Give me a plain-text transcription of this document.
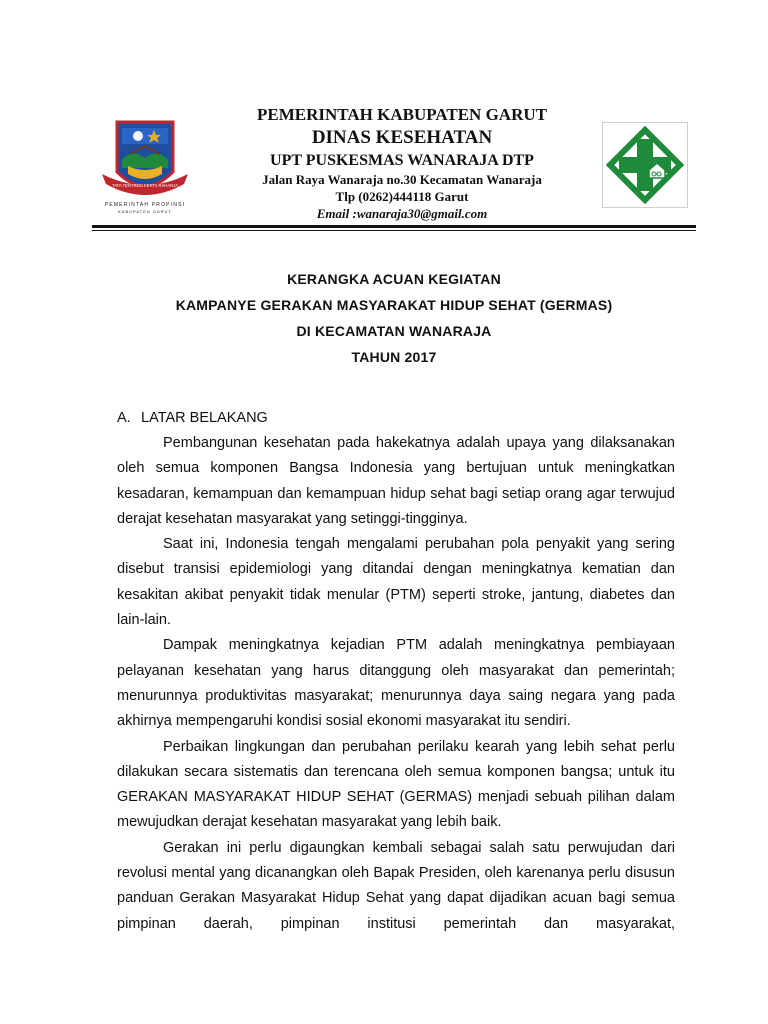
TATA TENTREM KERTA RAHARJA
PEMERINTAH PROPINSI
KABUPATEN GARUT
PEMERINTAH KABUPATEN GARUT
DINAS KESEHATAN
UPT PUSKESMAS WANARAJA DTP
Jalan Raya Wanaraja no.30 Kecamatan Wanaraja
Tlp (0262)444118 Garut
Email :wanaraja30@gmail.com
KERANGKA ACUAN KEGIATAN
KAMPANYE GERAKAN MASYARAKAT HIDUP SEHAT (GERMAS)
DI KECAMATAN WANARAJA
TAHUN 2017
A. LATAR BELAKANG

Pembangunan kesehatan pada hakekatnya adalah upaya yang dilaksanakan oleh semua komponen Bangsa Indonesia yang bertujuan untuk meningkatkan kesadaran, kemampuan dan kemampuan hidup sehat bagi setiap orang agar terwujud derajat kesehatan masyarakat yang setinggi-tingginya.

Saat ini, Indonesia tengah mengalami perubahan pola penyakit yang sering disebut transisi epidemiologi yang ditandai dengan meningkatnya kematian dan kesakitan akibat penyakit tidak menular (PTM) seperti stroke, jantung, diabetes dan lain-lain.

Dampak meningkatnya kejadian PTM adalah meningkatnya pembiayaan pelayanan kesehatan yang harus ditanggung oleh masyarakat dan pemerintah; menurunnya produktivitas masyarakat; menurunnya daya saing negara yang pada akhirnya mempengaruhi kondisi sosial ekonomi masyarakat itu sendiri.

Perbaikan lingkungan dan perubahan perilaku kearah yang lebih sehat perlu dilakukan secara sistematis dan terencana oleh semua komponen bangsa; untuk itu GERAKAN MASYARAKAT HIDUP SEHAT (GERMAS) menjadi sebuah pilihan dalam mewujudkan derajat kesehatan masyarakat yang lebih baik.

Gerakan ini perlu digaungkan kembali sebagai salah satu perwujudan dari revolusi mental yang dicanangkan oleh Bapak Presiden, oleh karenanya perlu disusun panduan Gerakan Masyarakat Hidup Sehat yang dapat dijadikan acuan bagi semua pimpinan daerah, pimpinan institusi pemerintah dan masyarakat,
